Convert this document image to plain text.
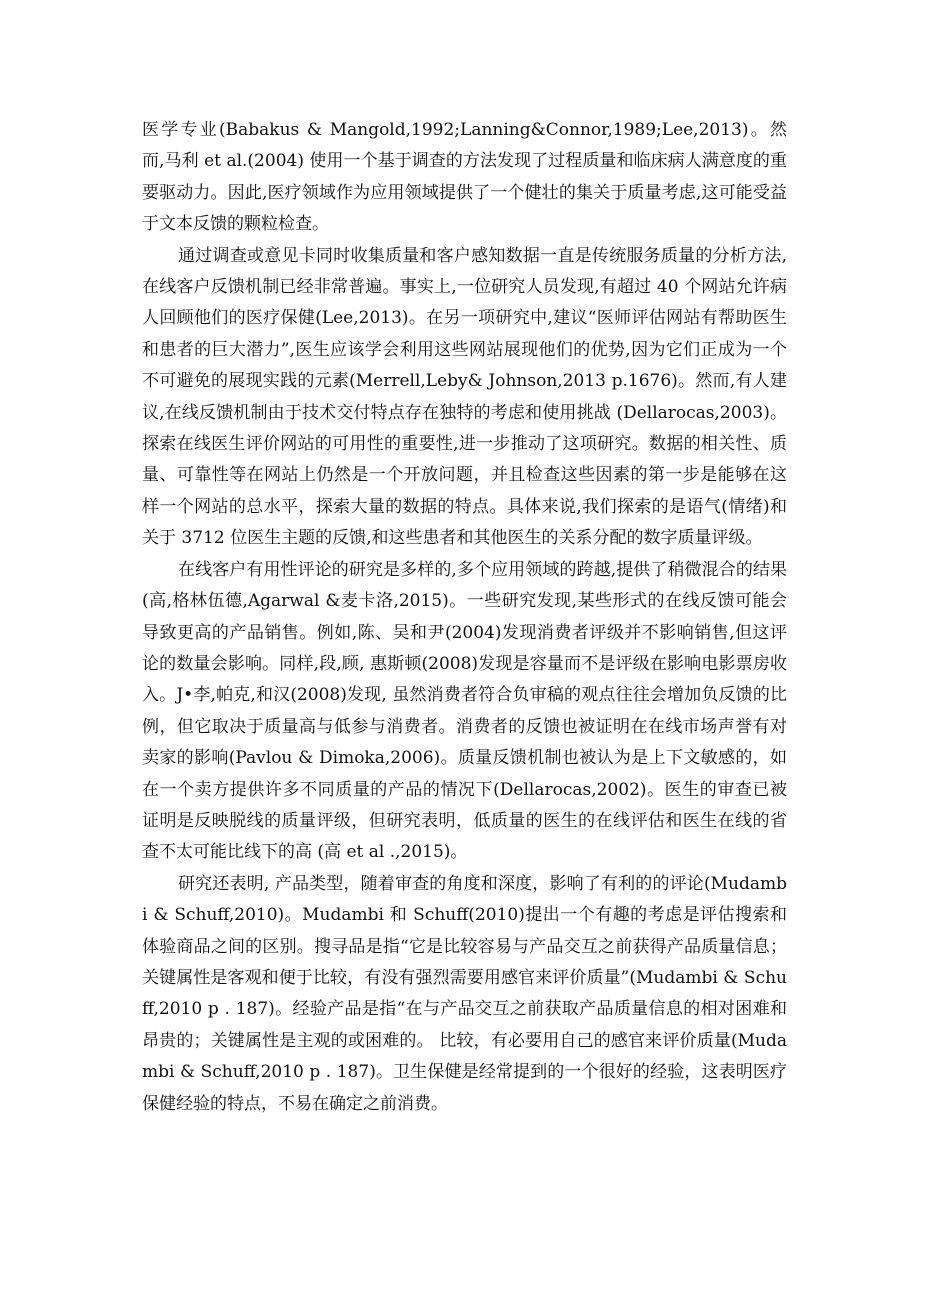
医学专业(Babakus & Mangold,1992;Lanning&Connor,1989;Lee,2013)。然而,马利 et al.(2004) 使用一个基于调查的方法发现了过程质量和临床病人满意度的重要驱动力。因此,医疗领域作为应用领域提供了一个健壮的集关于质量考虑,这可能受益于文本反馈的颗粒检查。

通过调查或意见卡同时收集质量和客户感知数据一直是传统服务质量的分析方法,在线客户反馈机制已经非常普遍。事实上,一位研究人员发现,有超过 40 个网站允许病人回顾他们的医疗保健(Lee,2013)。在另一项研究中,建议“医师评估网站有帮助医生和患者的巨大潜力”,医生应该学会利用这些网站展现他们的优势,因为它们正成为一个不可避免的展现实践的元素(Merrell,Leby& Johnson,2013 p.1676)。然而,有人建议,在线反馈机制由于技术交付特点存在独特的考虑和使用挑战 (Dellarocas,2003)。探索在线医生评价网站的可用性的重要性,进一步推动了这项研究。数据的相关性、质量、可靠性等在网站上仍然是一个开放问题，并且检查这些因素的第一步是能够在这样一个网站的总水平，探索大量的数据的特点。具体来说,我们探索的是语气(情绪)和关于 3712 位医生主题的反馈,和这些患者和其他医生的关系分配的数字质量评级。

在线客户有用性评论的研究是多样的,多个应用领域的跨越,提供了稍微混合的结果(高,格林伍德,Agarwal &麦卡洛,2015)。一些研究发现,某些形式的在线反馈可能会导致更高的产品销售。例如,陈、吴和尹(2004)发现消费者评级并不影响销售,但这评论的数量会影响。同样,段,顾, 惠斯顿(2008)发现是容量而不是评级在影响电影票房收入。J•李,帕克,和汉(2008)发现, 虽然消费者符合负审稿的观点往往会增加负反馈的比例，但它取决于质量高与低参与消费者。消费者的反馈也被证明在在线市场声誉有对卖家的影响(Pavlou & Dimoka,2006)。质量反馈机制也被认为是上下文敏感的，如在一个卖方提供许多不同质量的产品的情况下(Dellarocas,2002)。医生的审查已被证明是反映脱线的质量评级，但研究表明，低质量的医生的在线评估和医生在线的省查不太可能比线下的高 (高 et al .,2015)。

研究还表明, 产品类型，随着审查的角度和深度，影响了有利的的评论(Mudambi & Schuff,2010)。Mudambi 和 Schuff(2010)提出一个有趣的考虑是评估搜索和体验商品之间的区别。搜寻品是指“它是比较容易与产品交互之前获得产品质量信息；关键属性是客观和便于比较，有没有强烈需要用感官来评价质量”(Mudambi & Schuff,2010 p . 187)。经验产品是指“在与产品交互之前获取产品质量信息的相对困难和昂贵的；关键属性是主观的或困难的。 比较，有必要用自己的感官来评价质量(Mudambi & Schuff,2010 p . 187)。卫生保健是经常提到的一个很好的经验，这表明医疗保健经验的特点，不易在确定之前消费。
